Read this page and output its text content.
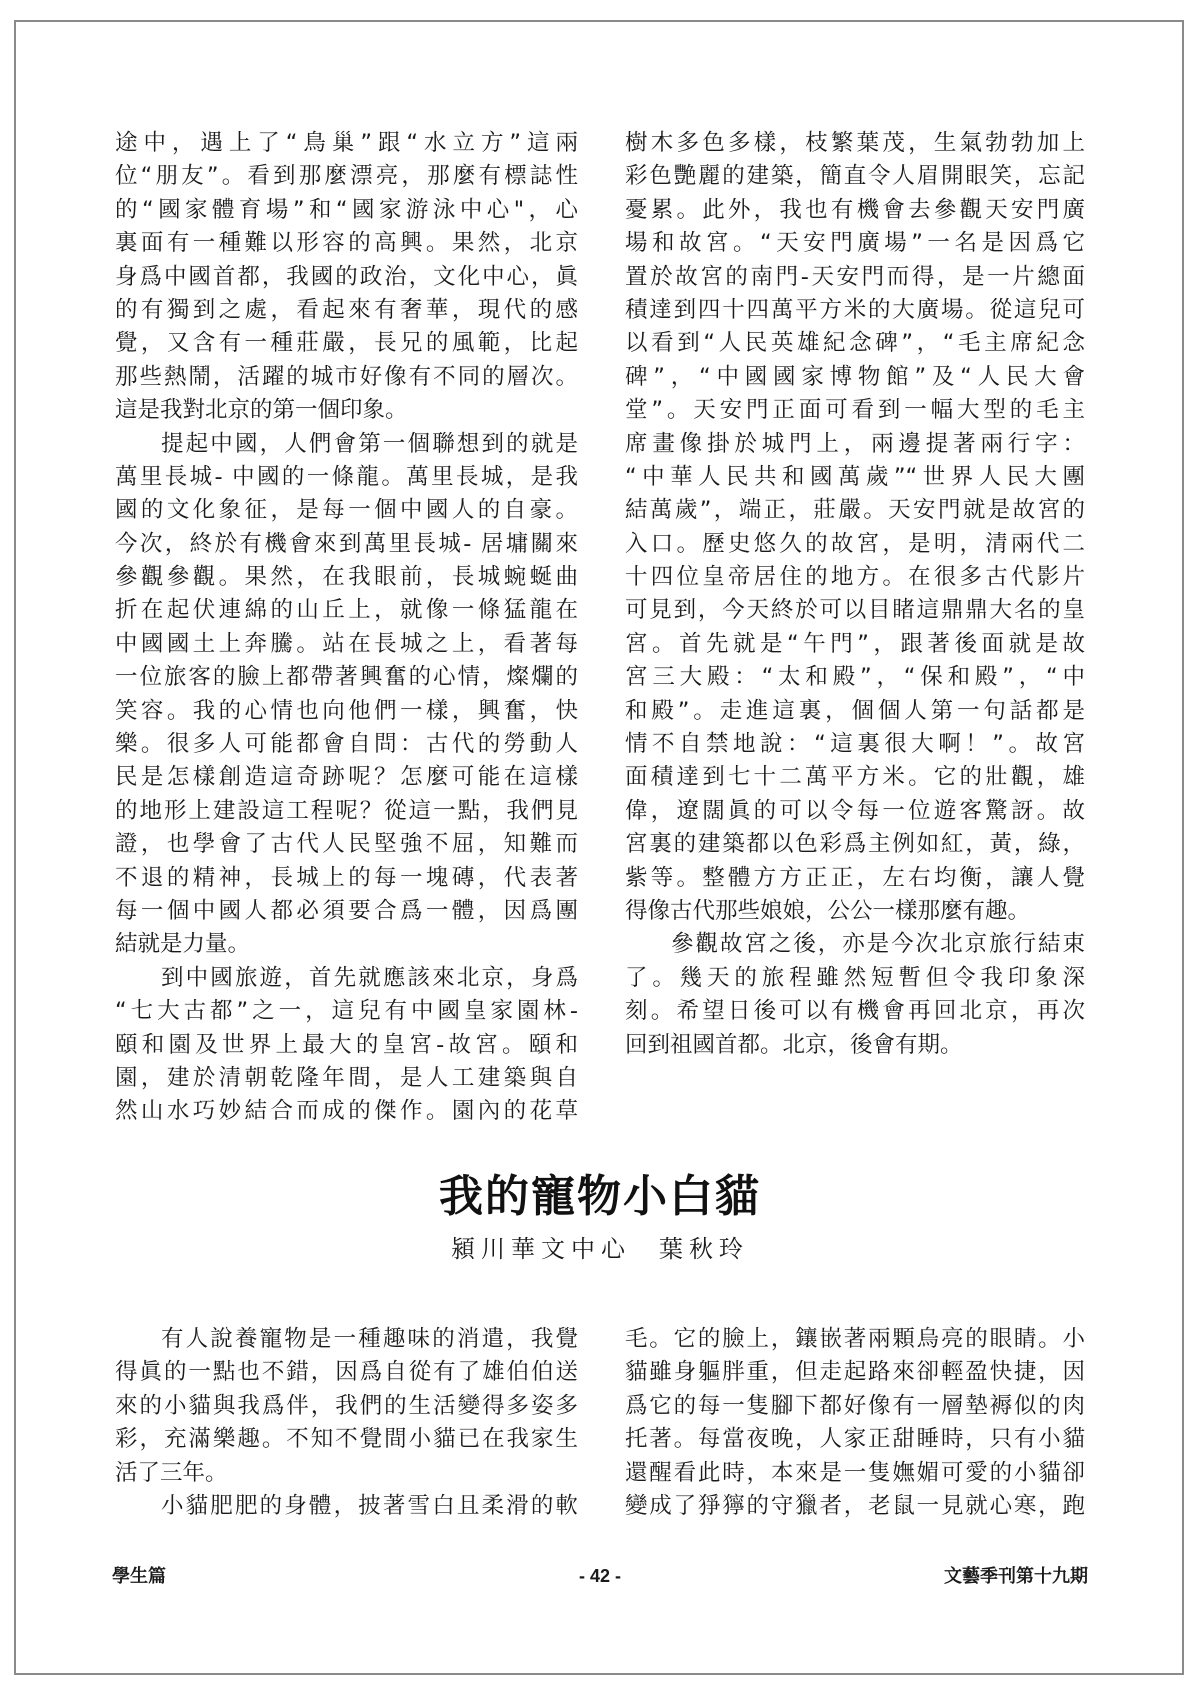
途中，遇上了“鳥巢”跟“水立方”這兩
位“朋友”。看到那麼漂亮，那麼有標誌性
的“國家體育場”和“國家游泳中心"，心
裏面有一種難以形容的高興。果然，北京
身爲中國首都，我國的政治，文化中心，眞
的有獨到之處，看起來有奢華，現代的感
覺，又含有一種莊嚴，長兄的風範，比起
那些熱鬧，活躍的城市好像有不同的層次。
這是我對北京的第一個印象。
提起中國，人們會第一個聯想到的就是
萬里長城- 中國的一條龍。萬里長城，是我
國的文化象征，是每一個中國人的自豪。
今次，終於有機會來到萬里長城- 居墉關來
參觀參觀。果然，在我眼前，長城蜿蜒曲
折在起伏連綿的山丘上，就像一條猛龍在
中國國土上奔騰。站在長城之上，看著每
一位旅客的臉上都帶著興奮的心情，燦爛的
笑容。我的心情也向他們一樣，興奮，快
樂。很多人可能都會自問：古代的勞動人
民是怎樣創造這奇跡呢？怎麼可能在這樣
的地形上建設這工程呢？從這一點，我們見
證，也學會了古代人民堅強不屈，知難而
不退的精神，長城上的每一塊磚，代表著
每一個中國人都必須要合爲一體，因爲團
結就是力量。
到中國旅遊，首先就應該來北京，身爲
“七大古都”之一，這兒有中國皇家園林-
頤和園及世界上最大的皇宮-故宮。頤和
園，建於清朝乾隆年間，是人工建築與自
然山水巧妙結合而成的傑作。園內的花草
樹木多色多樣，枝繁葉茂，生氣勃勃加上
彩色艷麗的建築，簡直令人眉開眼笑，忘記
憂累。此外，我也有機會去參觀天安門廣
場和故宮。“天安門廣場”一名是因爲它
置於故宮的南門-天安門而得，是一片總面
積達到四十四萬平方米的大廣場。從這兒可
以看到“人民英雄紀念碑”，“毛主席紀念
碑”，“中國國家博物館”及“人民大會
堂”。天安門正面可看到一幅大型的毛主
席畫像掛於城門上，兩邊提著兩行字：
“中華人民共和國萬歲”“世界人民大團
結萬歲”，端正，莊嚴。天安門就是故宮的
入口。歷史悠久的故宮，是明，清兩代二
十四位皇帝居住的地方。在很多古代影片
可見到，今天終於可以目睹這鼎鼎大名的皇
宮。首先就是“午門”，跟著後面就是故
宮三大殿：“太和殿”，“保和殿”，“中
和殿”。走進這裏，個個人第一句話都是
情不自禁地說：“這裏很大啊！”。故宮
面積達到七十二萬平方米。它的壯觀，雄
偉，遼闊眞的可以令每一位遊客驚訝。故
宮裏的建築都以色彩爲主例如紅，黃，綠，
紫等。整體方方正正，左右均衡，讓人覺
得像古代那些娘娘，公公一樣那麼有趣。
參觀故宮之後，亦是今次北京旅行結束
了。幾天的旅程雖然短暫但令我印象深
刻。希望日後可以有機會再回北京，再次
回到祖國首都。北京，後會有期。
我的寵物小白貓
潁川華文中心 葉秋玲
有人說養寵物是一種趣味的消遣，我覺
得眞的一點也不錯，因爲自從有了雄伯伯送
來的小貓與我爲伴，我們的生活變得多姿多
彩，充滿樂趣。不知不覺間小貓已在我家生
活了三年。
小貓肥肥的身體，披著雪白且柔滑的軟
毛。它的臉上，鑲嵌著兩顆烏亮的眼睛。小
貓雖身軀胖重，但走起路來卻輕盈快捷，因
爲它的每一隻腳下都好像有一層墊褥似的肉
托著。每當夜晚，人家正甜睡時，只有小貓
還醒看此時，本來是一隻嫵媚可愛的小貓卻
變成了猙獰的守獵者，老鼠一見就心寒，跑
學生篇	- 42 -	文藝季刊第十九期
